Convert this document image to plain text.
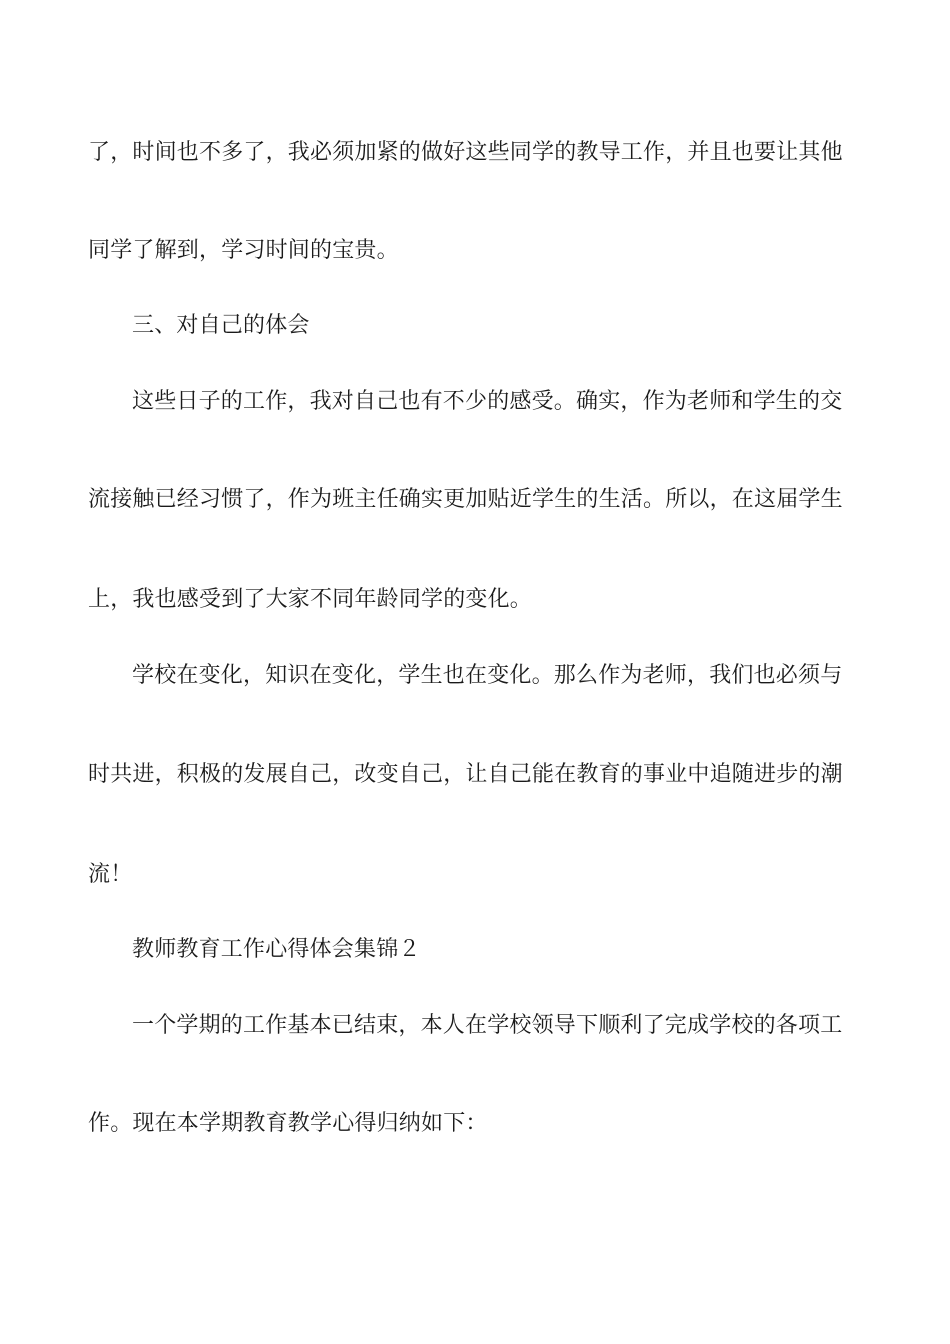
了，时间也不多了，我必须加紧的做好这些同学的教导工作，并且也要让其他
同学了解到，学习时间的宝贵。
三、对自己的体会
这些日子的工作，我对自己也有不少的感受。确实，作为老师和学生的交
流接触已经习惯了，作为班主任确实更加贴近学生的生活。所以，在这届学生
上，我也感受到了大家不同年龄同学的变化。
学校在变化，知识在变化，学生也在变化。那么作为老师，我们也必须与
时共进，积极的发展自己，改变自己，让自己能在教育的事业中追随进步的潮
流！
教师教育工作心得体会集锦２
一个学期的工作基本已结束，本人在学校领导下顺利了完成学校的各项工
作。现在本学期教育教学心得归纳如下：
